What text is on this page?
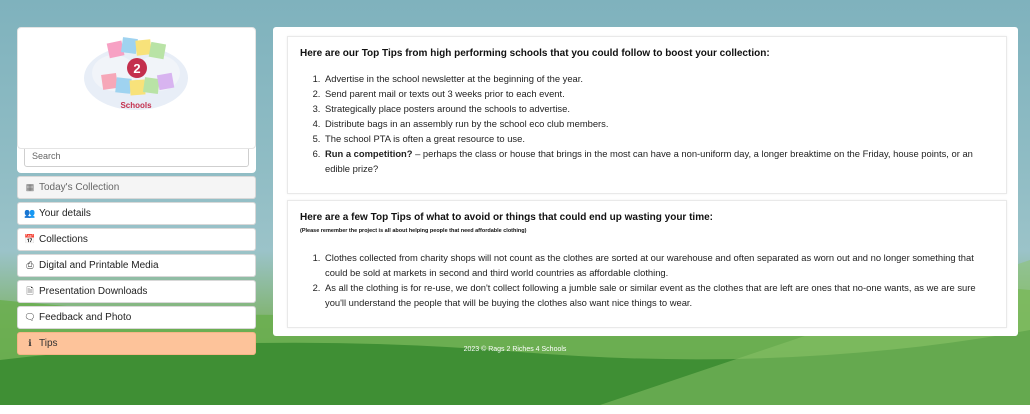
2
Schools
Search
▦ Today's Collection
👥 Your details
📅 Collections
⎙ Digital and Printable Media
🗎 Presentation Downloads
🗨 Feedback and Photo
ℹ Tips
Here are our Top Tips from high performing schools that you could follow to boost your collection:
1. Advertise in the school newsletter at the beginning of the year.
2. Send parent mail or texts out 3 weeks prior to each event.
3. Strategically place posters around the schools to advertise.
4. Distribute bags in an assembly run by the school eco club members.
5. The school PTA is often a great resource to use.
6. Run a competition? – perhaps the class or house that brings in the most can have a non-uniform day, a longer breaktime on the Friday, house points, or an edible prize?
Here are a few Top Tips of what to avoid or things that could end up wasting your time:
(Please remember the project is all about helping people that need affordable clothing)
1. Clothes collected from charity shops will not count as the clothes are sorted at our warehouse and often separated as worn out and no longer something that could be sold at markets in second and third world countries as affordable clothing.
2. As all the clothing is for re-use, we don't collect following a jumble sale or similar event as the clothes that are left are ones that no-one wants, as we are sure you'll understand the people that will be buying the clothes also want nice things to wear.
2023 © Rags 2 Riches 4 Schools
